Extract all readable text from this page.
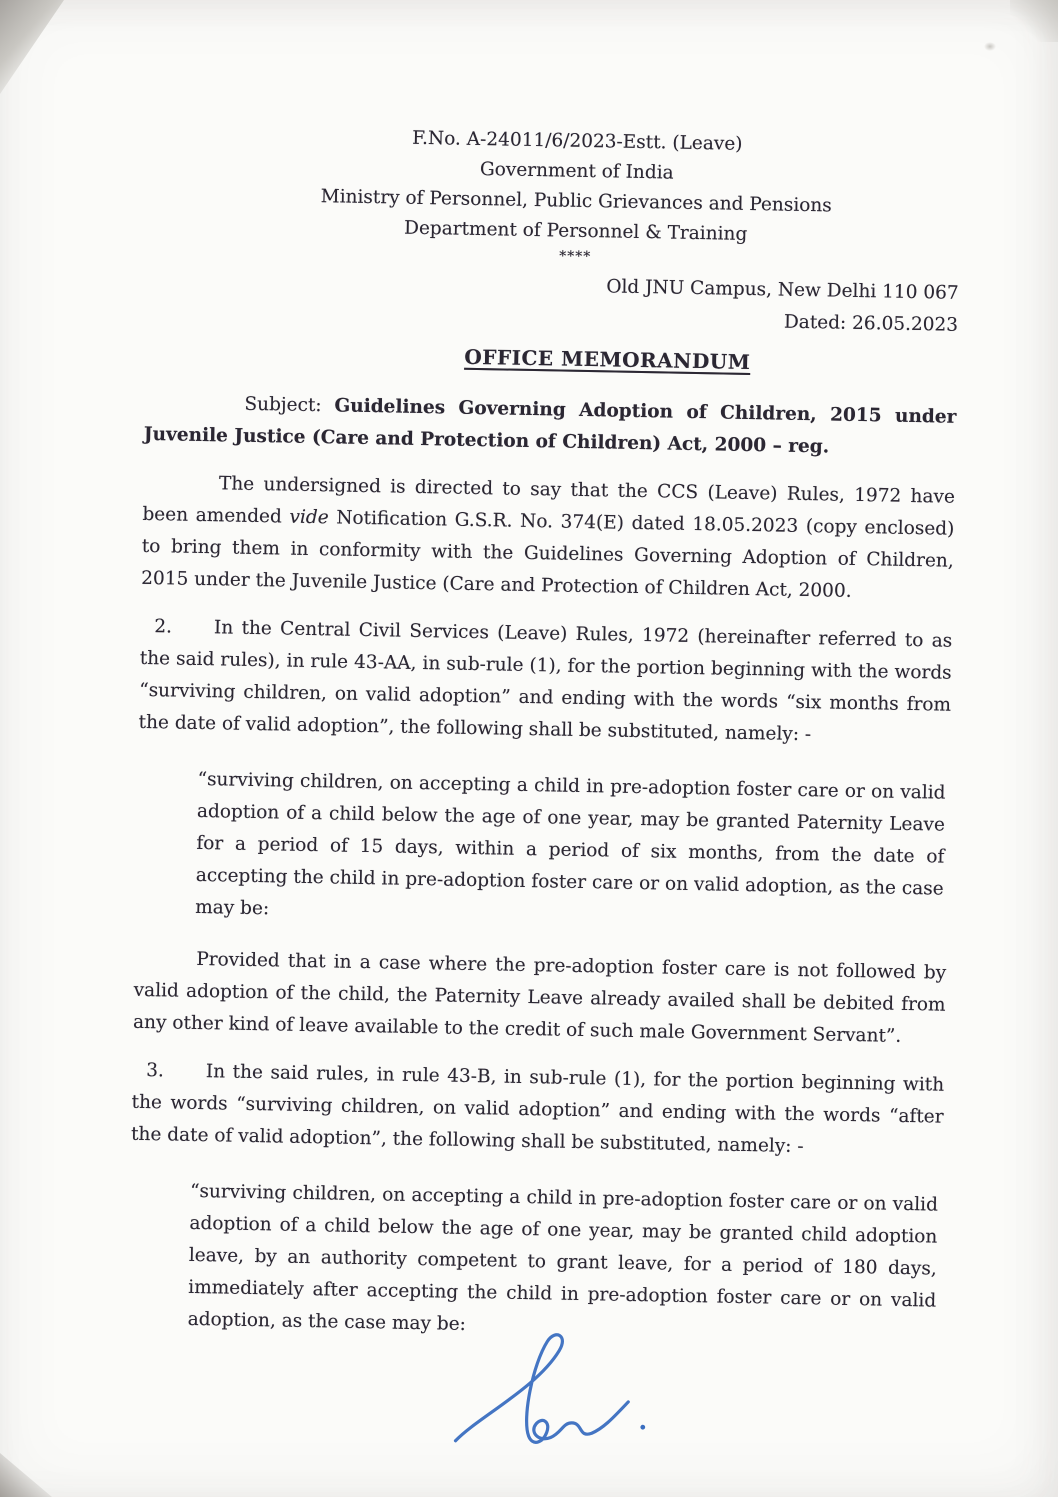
F.No. A-24011/6/2023-Estt. (Leave)
Government of India
Ministry of Personnel, Public Grievances and Pensions
Department of Personnel & Training
****
Old JNU Campus, New Delhi 110 067
Dated: 26.05.2023
OFFICE MEMORANDUM
Subject: Guidelines Governing Adoption of Children, 2015 under Juvenile Justice (Care and Protection of Children) Act, 2000 – reg.
The undersigned is directed to say that the CCS (Leave) Rules, 1972 have been amended vide Notification G.S.R. No. 374(E) dated 18.05.2023 (copy enclosed) to bring them in conformity with the Guidelines Governing Adoption of Children, 2015 under the Juvenile Justice (Care and Protection of Children Act, 2000.
2. In the Central Civil Services (Leave) Rules, 1972 (hereinafter referred to as the said rules), in rule 43-AA, in sub-rule (1), for the portion beginning with the words “surviving children, on valid adoption” and ending with the words “six months from the date of valid adoption”, the following shall be substituted, namely: -
“surviving children, on accepting a child in pre-adoption foster care or on valid adoption of a child below the age of one year, may be granted Paternity Leave for a period of 15 days, within a period of six months, from the date of accepting the child in pre-adoption foster care or on valid adoption, as the case may be:
Provided that in a case where the pre-adoption foster care is not followed by valid adoption of the child, the Paternity Leave already availed shall be debited from any other kind of leave available to the credit of such male Government Servant”.
3. In the said rules, in rule 43-B, in sub-rule (1), for the portion beginning with the words “surviving children, on valid adoption” and ending with the words “after the date of valid adoption”, the following shall be substituted, namely: -
“surviving children, on accepting a child in pre-adoption foster care or on valid adoption of a child below the age of one year, may be granted child adoption leave, by an authority competent to grant leave, for a period of 180 days, immediately after accepting the child in pre-adoption foster care or on valid adoption, as the case may be:
